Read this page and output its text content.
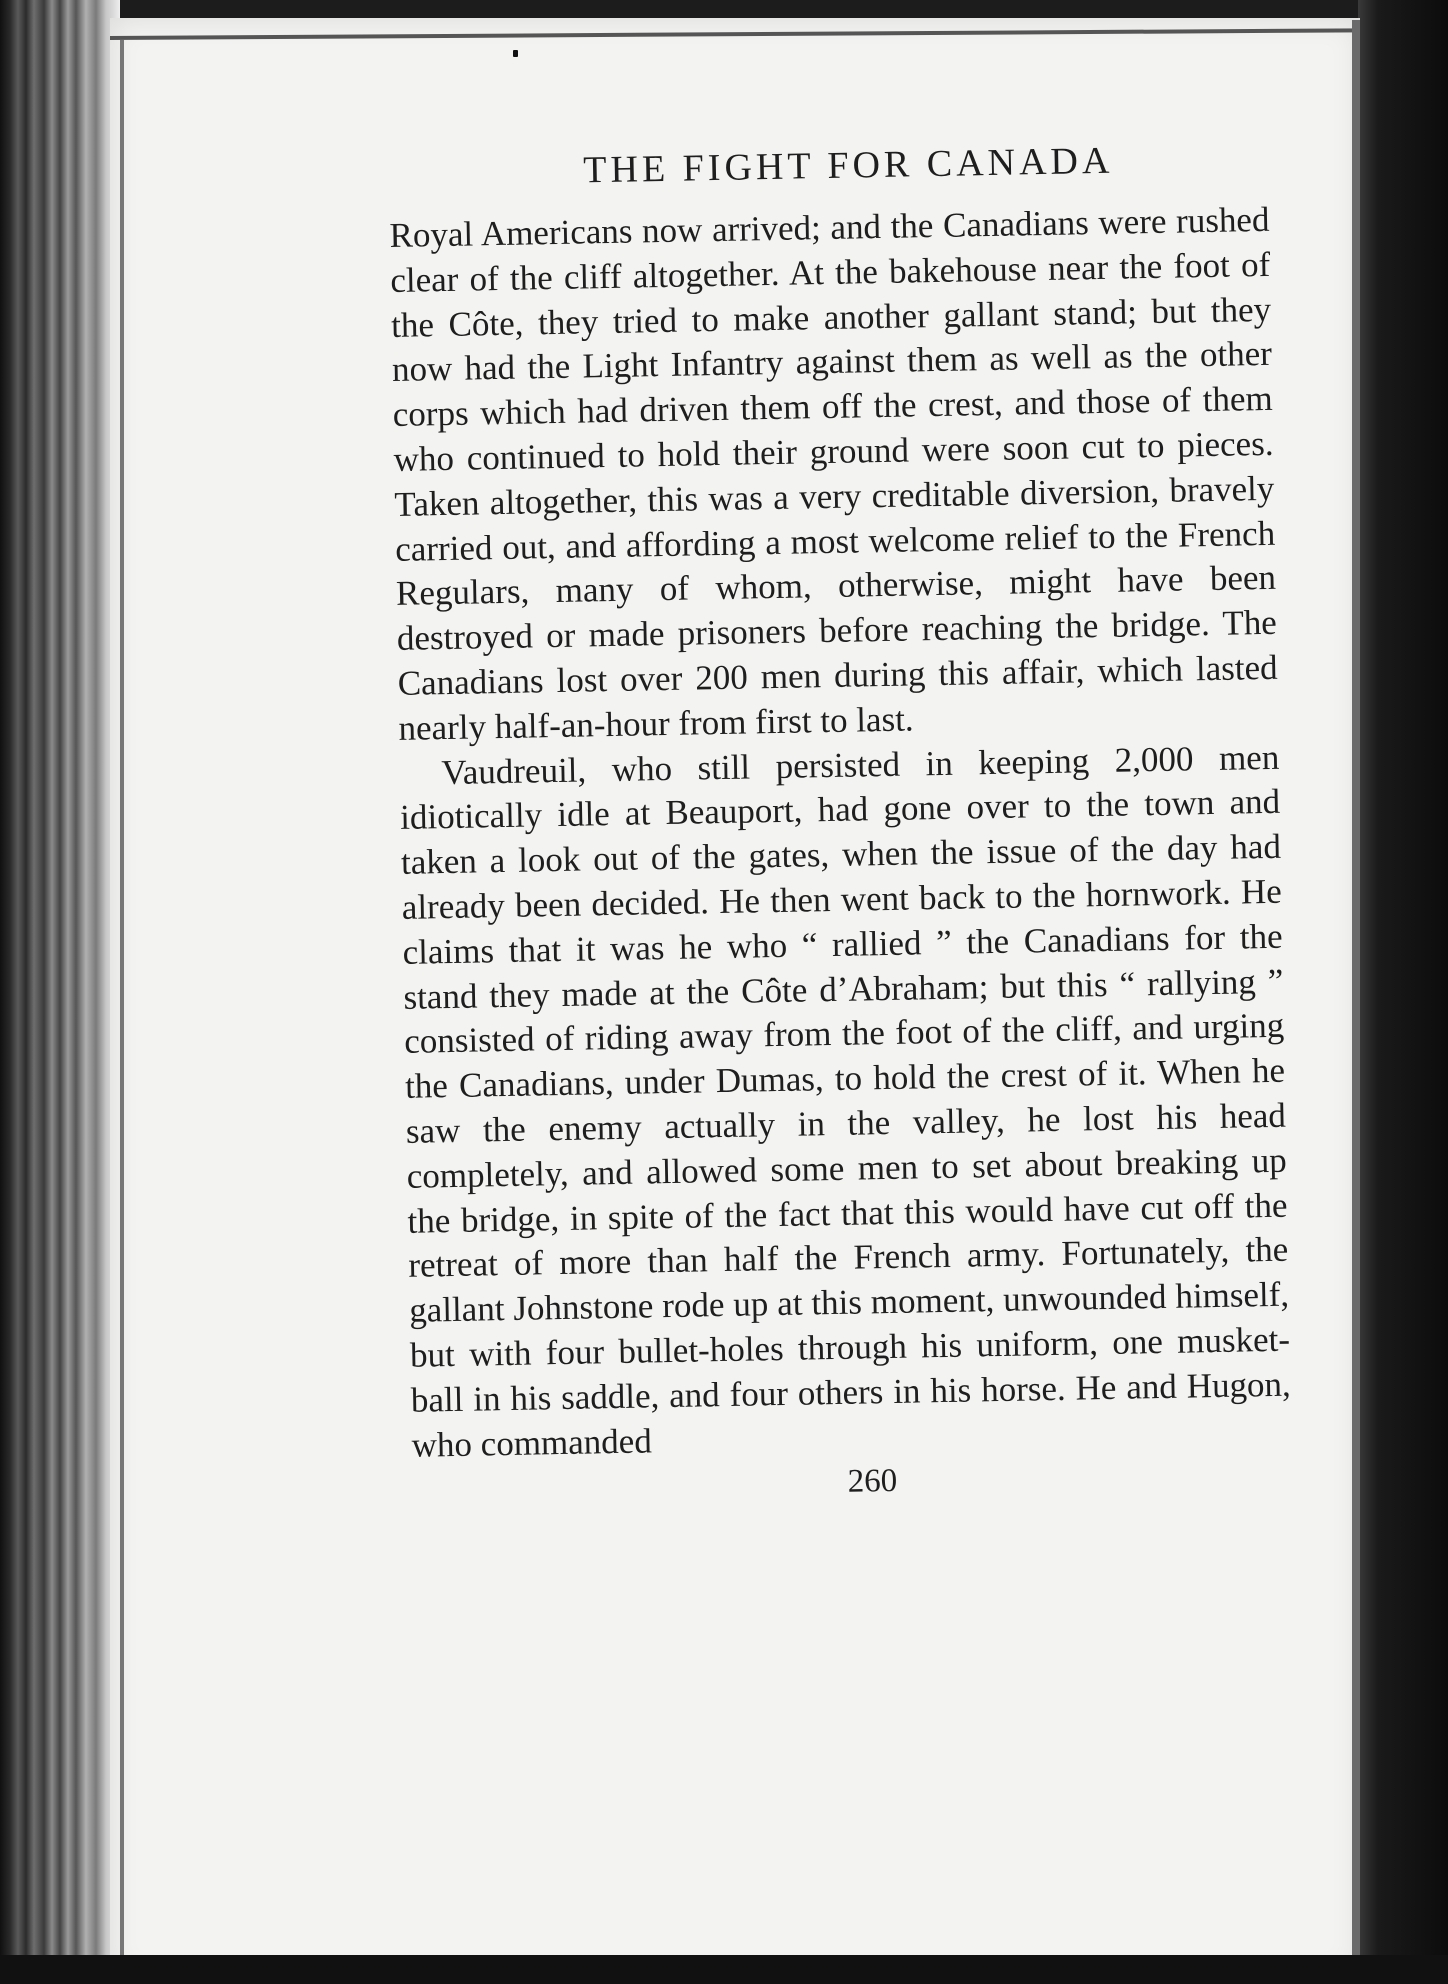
THE FIGHT FOR CANADA

Royal Americans now arrived; and the Canadians were rushed clear of the cliff altogether. At the bakehouse near the foot of the Côte, they tried to make another gallant stand; but they now had the Light Infantry against them as well as the other corps which had driven them off the crest, and those of them who continued to hold their ground were soon cut to pieces. Taken altogether, this was a very creditable diversion, bravely carried out, and affording a most welcome relief to the French Regulars, many of whom, otherwise, might have been destroyed or made prisoners before reaching the bridge. The Canadians lost over 200 men during this affair, which lasted nearly half-an-hour from first to last.

Vaudreuil, who still persisted in keeping 2,000 men idiotically idle at Beauport, had gone over to the town and taken a look out of the gates, when the issue of the day had already been decided. He then went back to the hornwork. He claims that it was he who “ rallied ” the Canadians for the stand they made at the Côte d’Abraham; but this “ rallying ” consisted of riding away from the foot of the cliff, and urging the Canadians, under Dumas, to hold the crest of it. When he saw the enemy actually in the valley, he lost his head completely, and allowed some men to set about breaking up the bridge, in spite of the fact that this would have cut off the retreat of more than half the French army. Fortunately, the gallant Johnstone rode up at this moment, unwounded himself, but with four bullet-holes through his uniform, one musket-ball in his saddle, and four others in his horse. He and Hugon, who commanded

260
